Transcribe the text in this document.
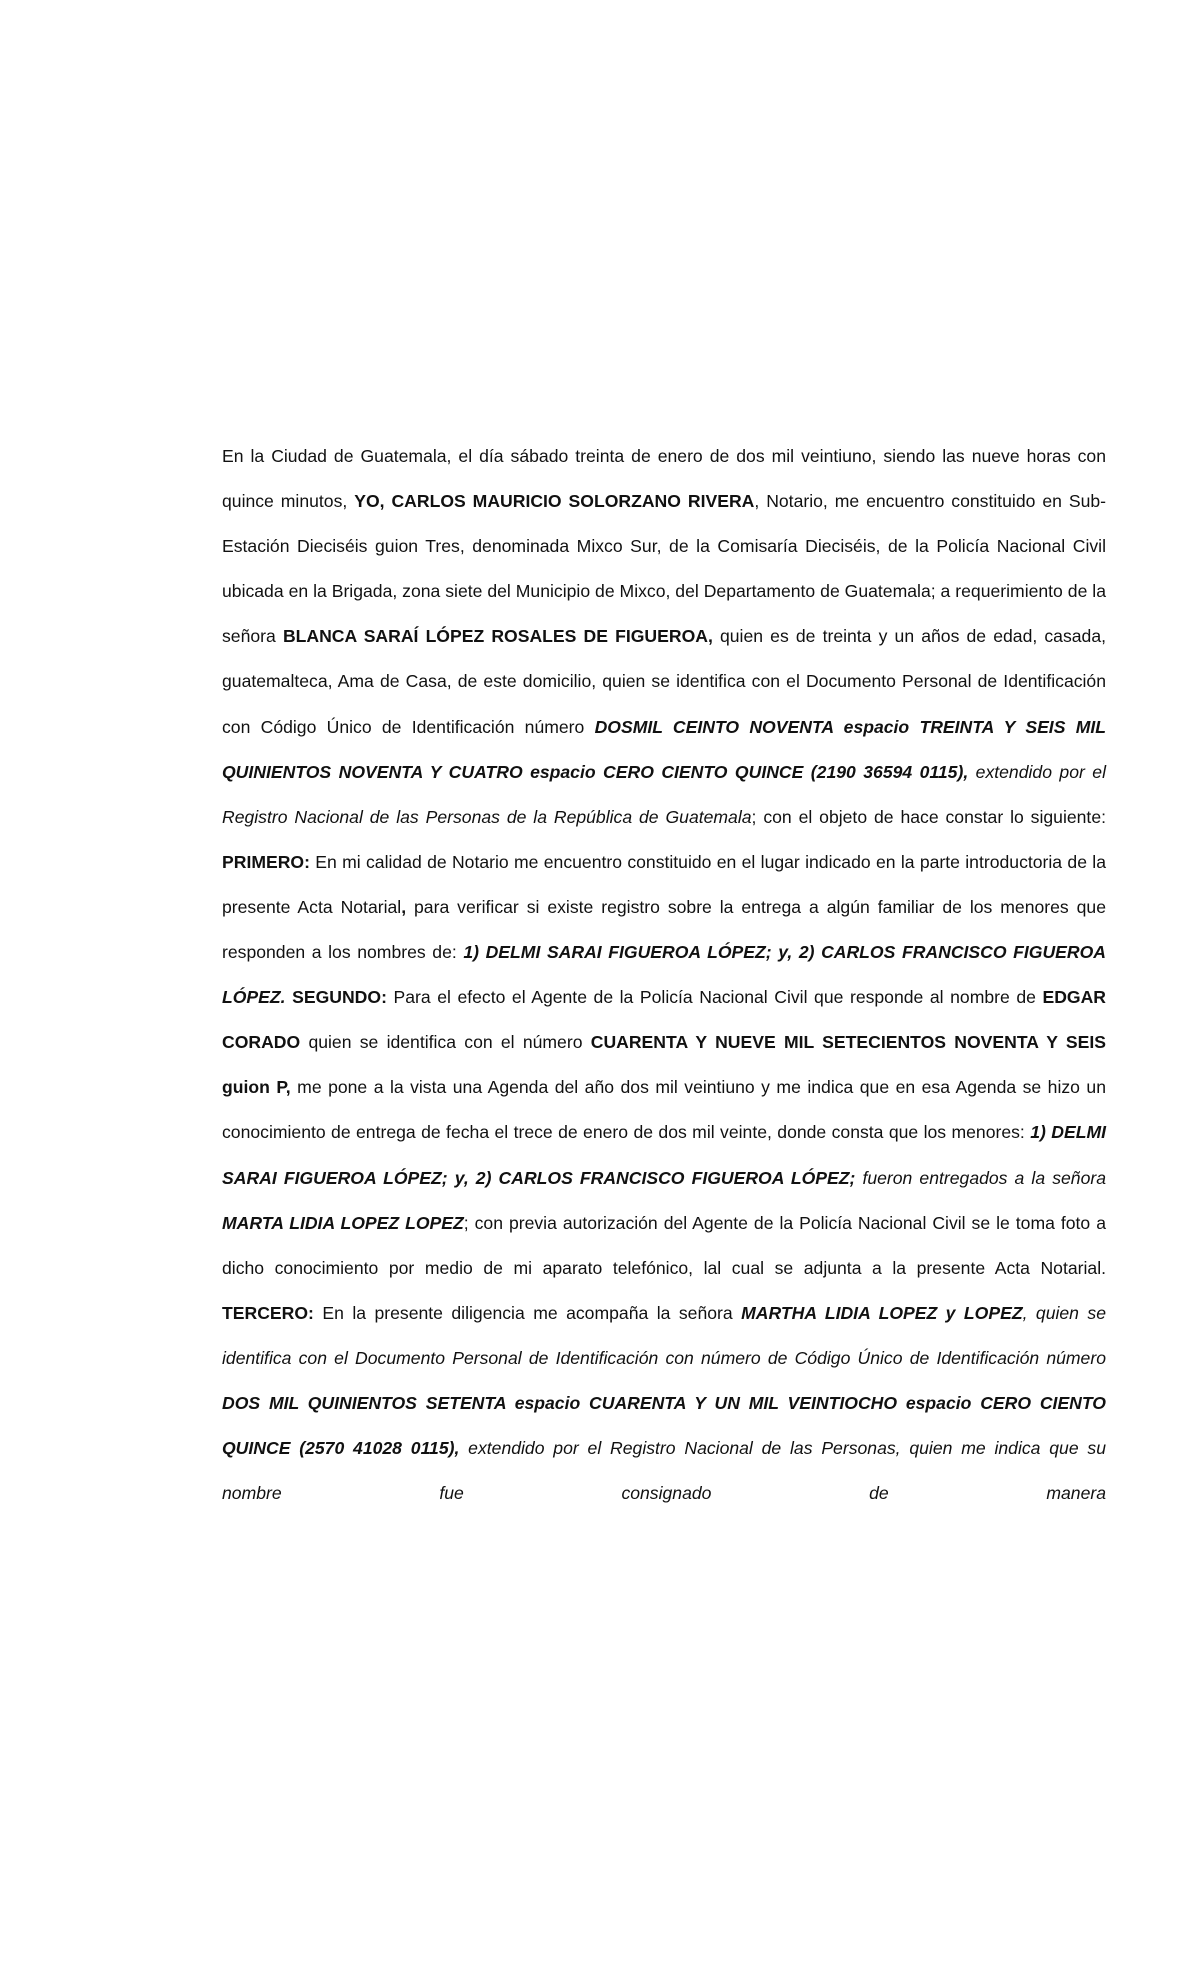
En la Ciudad de Guatemala, el día sábado treinta de enero de dos mil veintiuno, siendo las nueve horas con quince minutos, YO, CARLOS MAURICIO SOLORZANO RIVERA, Notario, me encuentro constituido en Sub-Estación Dieciséis guion Tres, denominada Mixco Sur, de la Comisaría Dieciséis, de la Policía Nacional Civil ubicada en la Brigada, zona siete del Municipio de Mixco, del Departamento de Guatemala; a requerimiento de la señora BLANCA SARAÍ LÓPEZ ROSALES DE FIGUEROA, quien es de treinta y un años de edad, casada, guatemalteca, Ama de Casa, de este domicilio, quien se identifica con el Documento Personal de Identificación con Código Único de Identificación número DOSMIL CEINTO NOVENTA espacio TREINTA Y SEIS MIL QUINIENTOS NOVENTA Y CUATRO espacio CERO CIENTO QUINCE (2190 36594 0115), extendido por el Registro Nacional de las Personas de la República de Guatemala; con el objeto de hace constar lo siguiente: PRIMERO: En mi calidad de Notario me encuentro constituido en el lugar indicado en la parte introductoria de la presente Acta Notarial, para verificar si existe registro sobre la entrega a algún familiar de los menores que responden a los nombres de: 1) DELMI SARAI FIGUEROA LÓPEZ; y, 2) CARLOS FRANCISCO FIGUEROA LÓPEZ. SEGUNDO: Para el efecto el Agente de la Policía Nacional Civil que responde al nombre de EDGAR CORADO quien se identifica con el número CUARENTA Y NUEVE MIL SETECIENTOS NOVENTA Y SEIS guion P, me pone a la vista una Agenda del año dos mil veintiuno y me indica que en esa Agenda se hizo un conocimiento de entrega de fecha el trece de enero de dos mil veinte, donde consta que los menores: 1) DELMI SARAI FIGUEROA LÓPEZ; y, 2) CARLOS FRANCISCO FIGUEROA LÓPEZ; fueron entregados a la señora MARTA LIDIA LOPEZ LOPEZ; con previa autorización del Agente de la Policía Nacional Civil se le toma foto a dicho conocimiento por medio de mi aparato telefónico, lal cual se adjunta a la presente Acta Notarial. TERCERO: En la presente diligencia me acompaña la señora MARTHA LIDIA LOPEZ y LOPEZ, quien se identifica con el Documento Personal de Identificación con número de Código Único de Identificación número DOS MIL QUINIENTOS SETENTA espacio CUARENTA Y UN MIL VEINTIOCHO espacio CERO CIENTO QUINCE (2570 41028 0115), extendido por el Registro Nacional de las Personas, quien me indica que su nombre fue consignado de manera
